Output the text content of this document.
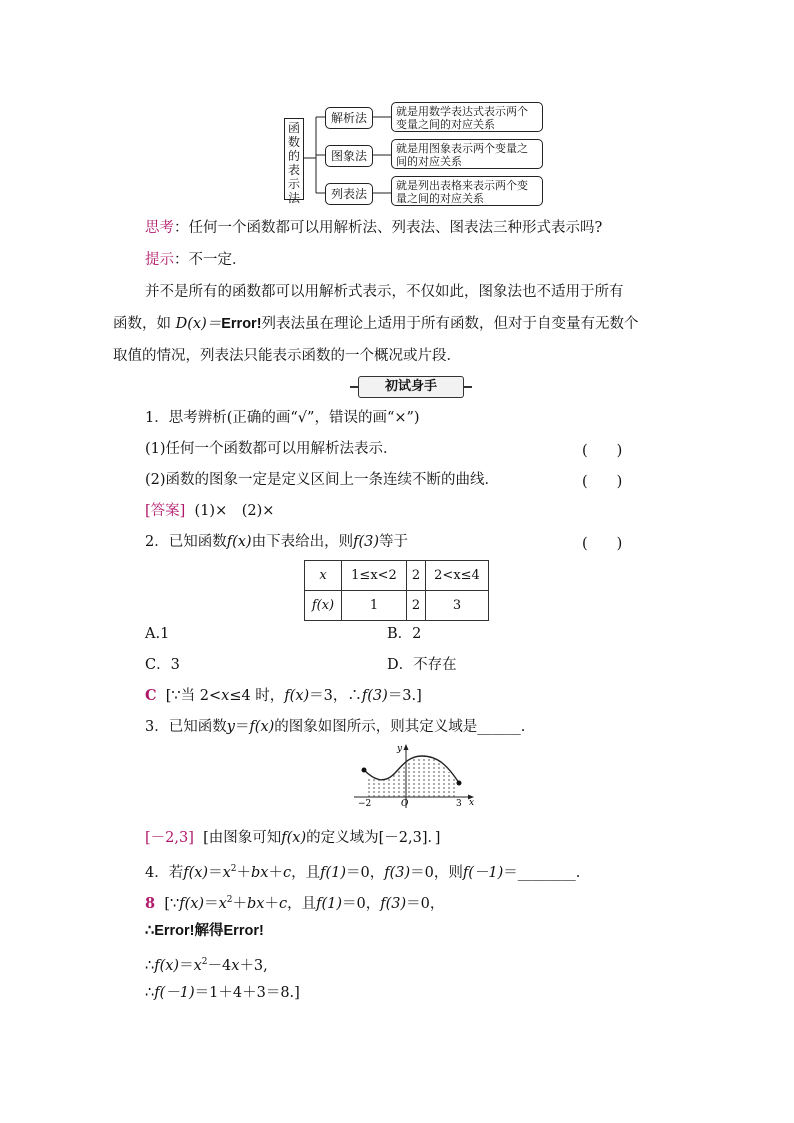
函数的表示法
解析法	就是用数学表达式表示两个变量之间的对应关系
图象法
就是用图象表示两个变量之间的对应关系
列表法
就是列出表格来表示两个变量之间的对应关系
思考：任何一个函数都可以用解析法、列表法、图表法三种形式表示吗?
提示：不一定．
并不是所有的函数都可以用解析式表示，不仅如此，图象法也不适用于所有
函数，如 D(x)＝Error!列表法虽在理论上适用于所有函数，但对于自变量有无数个
取值的情况，列表法只能表示函数的一个概况或片段．
初试身手
1．思考辨析(正确的画“√”，错误的画“×”)
(1)任何一个函数都可以用解析法表示．	(　　)
(2)函数的图象一定是定义区间上一条连续不断的曲线．	(　　)
[答案] (1)×　(2)×
2．已知函数f(x)由下表给出，则f(3)等于	(　　)
x	1≤x<2	2	2<x≤4
f(x)	1	2	3
A.1	B．2
C．3	D．不存在
C [∵当 2<x≤4 时，f(x)＝3，∴f(3)＝3.]
3．已知函数y＝f(x)的图象如图所示，则其定义域是______.
y
x
O
−2	3
[－2,3] [由图象可知f(x)的定义域为[－2,3]．]
4．若$f(x)=x^2+bx+c$，且f(1)＝0，f(3)＝0，则f(－1)＝________.
8 [$\because f(x)=x^2+bx+c$，且f(1)＝0，f(3)＝0，
∴Error!解得Error!
$\therefore f(x)=x^2-4x+3$,
∴f(－1)＝1＋4＋3＝8.]
